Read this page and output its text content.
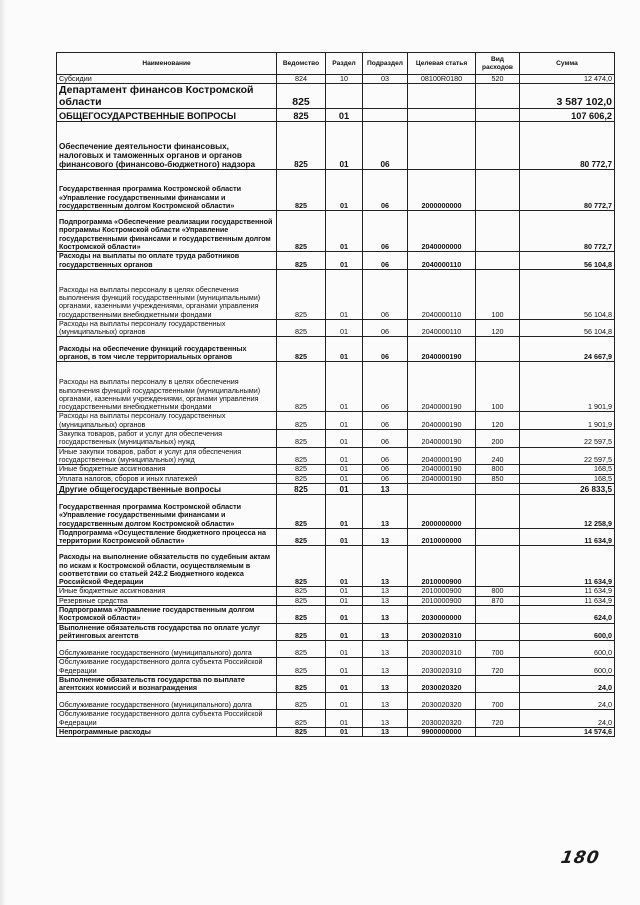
Наименование	Ведомство	Раздел	Подраздел	Целевая статья	Вид расходов	Сумма
Субсидии	824	10	03	08100R0180	520	12 474,0
Департамент финансов Костромской области	825					3 587 102,0
ОБЩЕГОСУДАРСТВЕННЫЕ ВОПРОСЫ	825	01				107 606,2
Обеспечение деятельности финансовых, налоговых и таможенных органов и органов финансового (финансово-бюджетного) надзора	825	01	06			80 772,7
Государственная программа Костромской области «Управление государственными финансами и государственным долгом Костромской области»	825	01	06	2000000000		80 772,7
Подпрограмма «Обеспечение реализации государственной программы Костромской области «Управление государственными финансами и государственным долгом Костромской области»	825	01	06	2040000000		80 772,7
Расходы на выплаты по оплате труда работников государственных органов	825	01	06	2040000110		56 104,8
Расходы на выплаты персоналу в целях обеспечения выполнения функций государственными (муниципальными) органами, казенными учреждениями, органами управления государственными внебюджетными фондами	825	01	06	2040000110	100	56 104,8
Расходы на выплаты персоналу государственных (муниципальных) органов	825	01	06	2040000110	120	56 104,8
Расходы на обеспечение функций государственных органов, в том числе территориальных органов	825	01	06	2040000190		24 667,9
Расходы на выплаты персоналу в целях обеспечения выполнения функций государственными (муниципальными) органами, казенными учреждениями, органами управления государственными внебюджетными фондами	825	01	06	2040000190	100	1 901,9
Расходы на выплаты персоналу государственных (муниципальных) органов	825	01	06	2040000190	120	1 901,9
Закупка товаров, работ и услуг для обеспечения государственных (муниципальных) нужд	825	01	06	2040000190	200	22 597,5
Иные закупки товаров, работ и услуг для обеспечения государственных (муниципальных) нужд	825	01	06	2040000190	240	22 597,5
Иные бюджетные ассигнования	825	01	06	2040000190	800	168,5
Уплата налогов, сборов и иных платежей	825	01	06	2040000190	850	168,5
Другие общегосударственные вопросы	825	01	13			26 833,5
Государственная программа Костромской области «Управление государственными финансами и государственным долгом Костромской области»	825	01	13	2000000000		12 258,9
Подпрограмма «Осуществление бюджетного процесса на территории Костромской области»	825	01	13	2010000000		11 634,9
Расходы на выполнение обязательств по судебным актам по искам к Костромской области, осуществляемым в соответствии со статьей 242.2 Бюджетного кодекса Российской Федерации	825	01	13	2010000900		11 634,9
Иные бюджетные ассигнования	825	01	13	2010000900	800	11 634,9
Резервные средства	825	01	13	2010000900	870	11 634,9
Подпрограмма «Управление государственным долгом Костромской области»	825	01	13	2030000000		624,0
Выполнение обязательств государства по оплате услуг рейтинговых агентств	825	01	13	2030020310		600,0
Обслуживание государственного (муниципального) долга	825	01	13	2030020310	700	600,0
Обслуживание государственного долга субъекта Российской Федерации	825	01	13	2030020310	720	600,0
Выполнение обязательств государства по выплате агентских комиссий и вознаграждения	825	01	13	2030020320		24,0
Обслуживание государственного (муниципального) долга	825	01	13	2030020320	700	24,0
Обслуживание государственного долга субъекта Российской Федерации	825	01	13	2030020320	720	24,0
Непрограммные расходы	825	01	13	9900000000		14 574,6
180
